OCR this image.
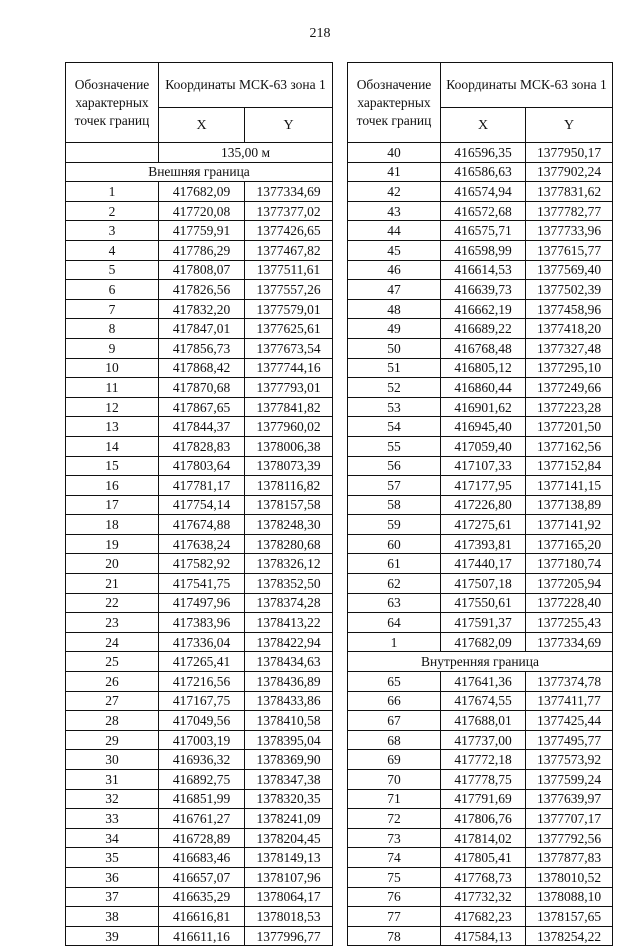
218
Обозначение характерных точек границ	Координаты МСК-63 зона 1	
	X	Y
	135,00 м	
Внешняя граница		
1	417682,09	1377334,69
2	417720,08	1377377,02
3	417759,91	1377426,65
4	417786,29	1377467,82
5	417808,07	1377511,61
6	417826,56	1377557,26
7	417832,20	1377579,01
8	417847,01	1377625,61
9	417856,73	1377673,54
10	417868,42	1377744,16
11	417870,68	1377793,01
12	417867,65	1377841,82
13	417844,37	1377960,02
14	417828,83	1378006,38
15	417803,64	1378073,39
16	417781,17	1378116,82
17	417754,14	1378157,58
18	417674,88	1378248,30
19	417638,24	1378280,68
20	417582,92	1378326,12
21	417541,75	1378352,50
22	417497,96	1378374,28
23	417383,96	1378413,22
24	417336,04	1378422,94
25	417265,41	1378434,63
26	417216,56	1378436,89
27	417167,75	1378433,86
28	417049,56	1378410,58
29	417003,19	1378395,04
30	416936,32	1378369,90
31	416892,75	1378347,38
32	416851,99	1378320,35
33	416761,27	1378241,09
34	416728,89	1378204,45
35	416683,46	1378149,13
36	416657,07	1378107,96
37	416635,29	1378064,17
38	416616,81	1378018,53
39	416611,16	1377996,77
Обозначение характерных точек границ	Координаты МСК-63 зона 1	
	X	Y
40	416596,35	1377950,17
41	416586,63	1377902,24
42	416574,94	1377831,62
43	416572,68	1377782,77
44	416575,71	1377733,96
45	416598,99	1377615,77
46	416614,53	1377569,40
47	416639,73	1377502,39
48	416662,19	1377458,96
49	416689,22	1377418,20
50	416768,48	1377327,48
51	416805,12	1377295,10
52	416860,44	1377249,66
53	416901,62	1377223,28
54	416945,40	1377201,50
55	417059,40	1377162,56
56	417107,33	1377152,84
57	417177,95	1377141,15
58	417226,80	1377138,89
59	417275,61	1377141,92
60	417393,81	1377165,20
61	417440,17	1377180,74
62	417507,18	1377205,94
63	417550,61	1377228,40
64	417591,37	1377255,43
1	417682,09	1377334,69
Внутренняя граница		
65	417641,36	1377374,78
66	417674,55	1377411,77
67	417688,01	1377425,44
68	417737,00	1377495,77
69	417772,18	1377573,92
70	417778,75	1377599,24
71	417791,69	1377639,97
72	417806,76	1377707,17
73	417814,02	1377792,56
74	417805,41	1377877,83
75	417768,73	1378010,52
76	417732,32	1378088,10
77	417682,23	1378157,65
78	417584,13	1378254,22
